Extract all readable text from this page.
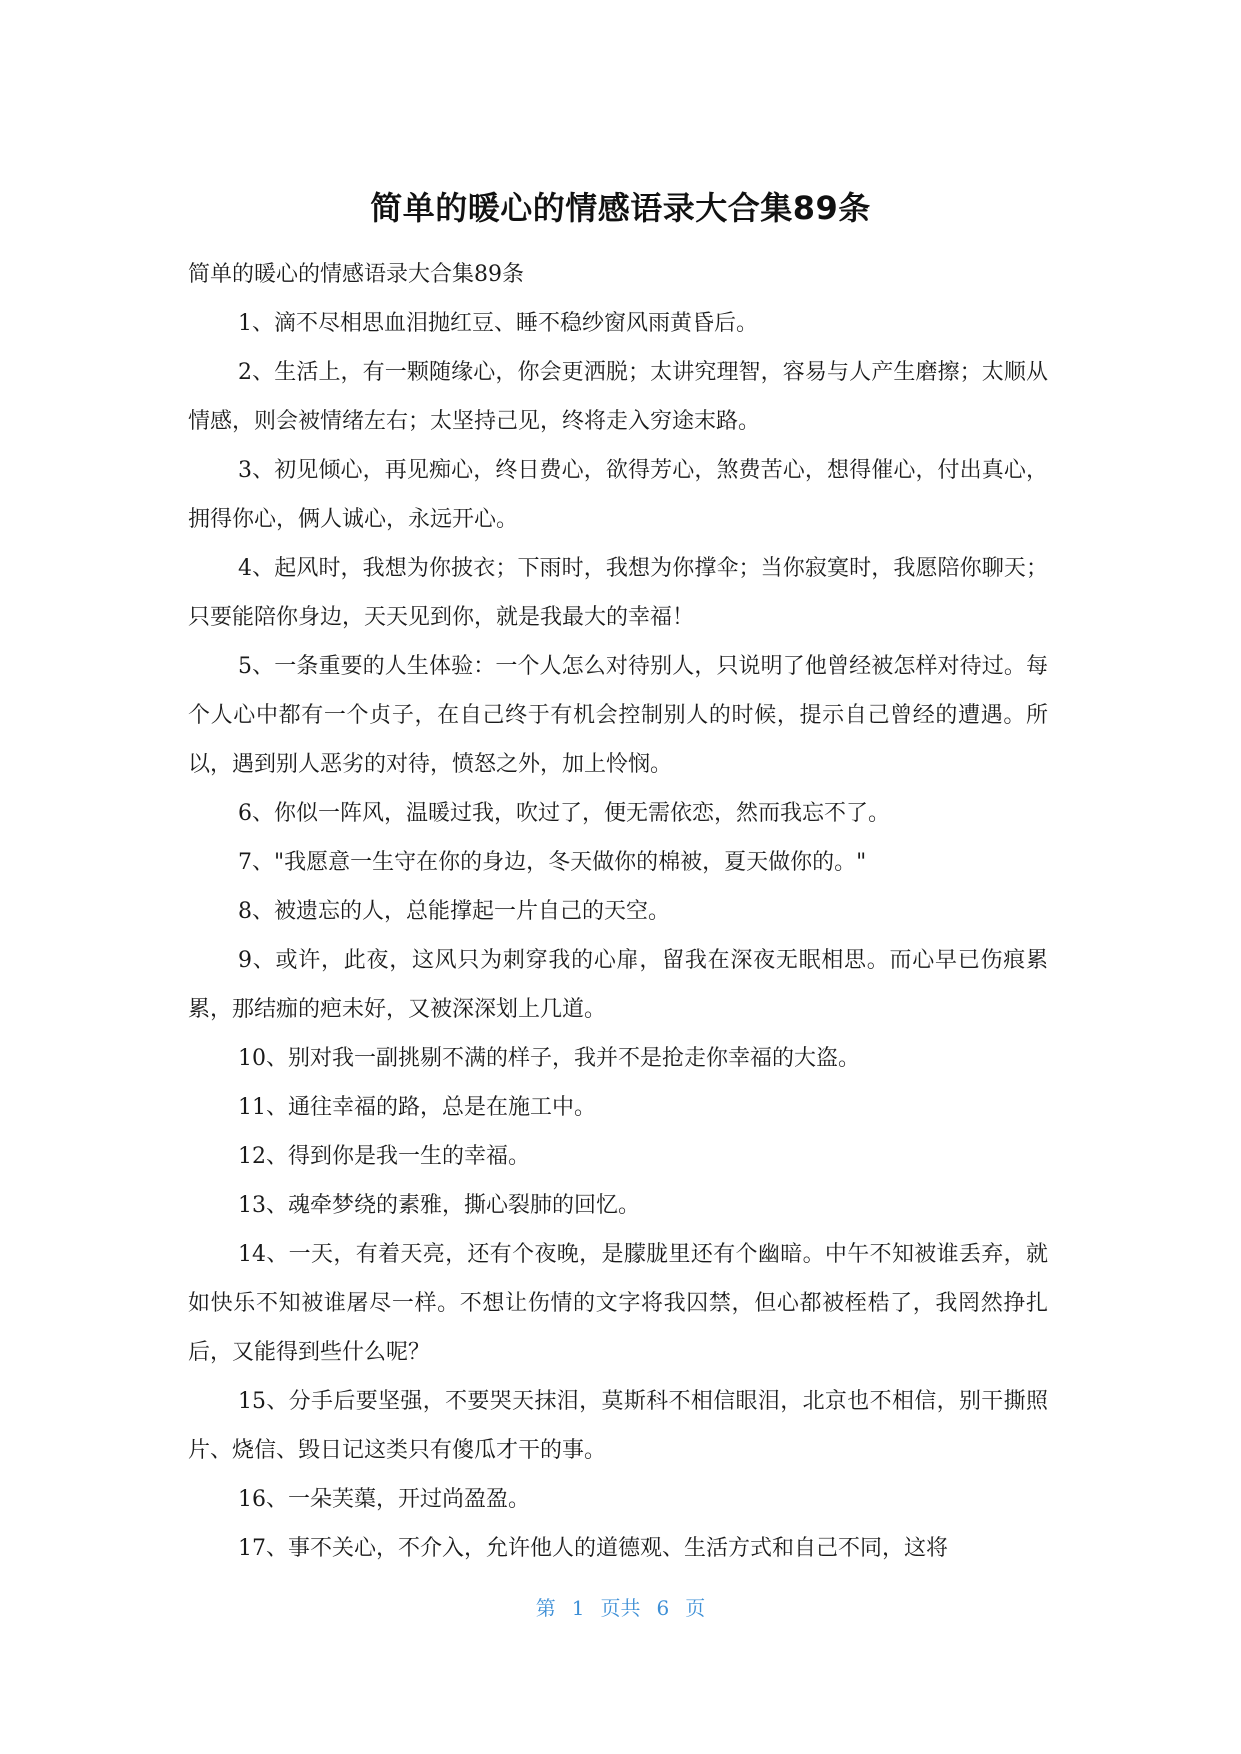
简单的暖心的情感语录大合集89条

简单的暖心的情感语录大合集89条

1、滴不尽相思血泪抛红豆、睡不稳纱窗风雨黄昏后。

2、生活上，有一颗随缘心，你会更洒脱；太讲究理智，容易与人产生磨擦；太顺从情感，则会被情绪左右；太坚持己见，终将走入穷途末路。

3、初见倾心，再见痴心，终日费心，欲得芳心，煞费苦心，想得催心，付出真心，拥得你心，俩人诚心，永远开心。

4、起风时，我想为你披衣；下雨时，我想为你撑伞；当你寂寞时，我愿陪你聊天；只要能陪你身边，天天见到你，就是我最大的幸福！

5、一条重要的人生体验：一个人怎么对待别人，只说明了他曾经被怎样对待过。每个人心中都有一个贞子，在自己终于有机会控制别人的时候，提示自己曾经的遭遇。所以，遇到别人恶劣的对待，愤怒之外，加上怜悯。

6、你似一阵风，温暖过我，吹过了，便无需依恋，然而我忘不了。

7、"我愿意一生守在你的身边，冬天做你的棉被，夏天做你的。"

8、被遗忘的人，总能撑起一片自己的天空。

9、或许，此夜，这风只为刺穿我的心扉，留我在深夜无眠相思。而心早已伤痕累累，那结痂的疤未好，又被深深划上几道。

10、别对我一副挑剔不满的样子，我并不是抢走你幸福的大盗。

11、通往幸福的路，总是在施工中。

12、得到你是我一生的幸福。

13、魂牵梦绕的素雅，撕心裂肺的回忆。

14、一天，有着天亮，还有个夜晚，是朦胧里还有个幽暗。中午不知被谁丢弃，就如快乐不知被谁屠尽一样。不想让伤情的文字将我囚禁，但心都被桎梏了，我罔然挣扎后，又能得到些什么呢？

15、分手后要坚强，不要哭天抹泪，莫斯科不相信眼泪，北京也不相信，别干撕照片、烧信、毁日记这类只有傻瓜才干的事。

16、一朵芙蕖，开过尚盈盈。

17、事不关心，不介入，允许他人的道德观、生活方式和自己不同，这将

第 1 页共 6 页
